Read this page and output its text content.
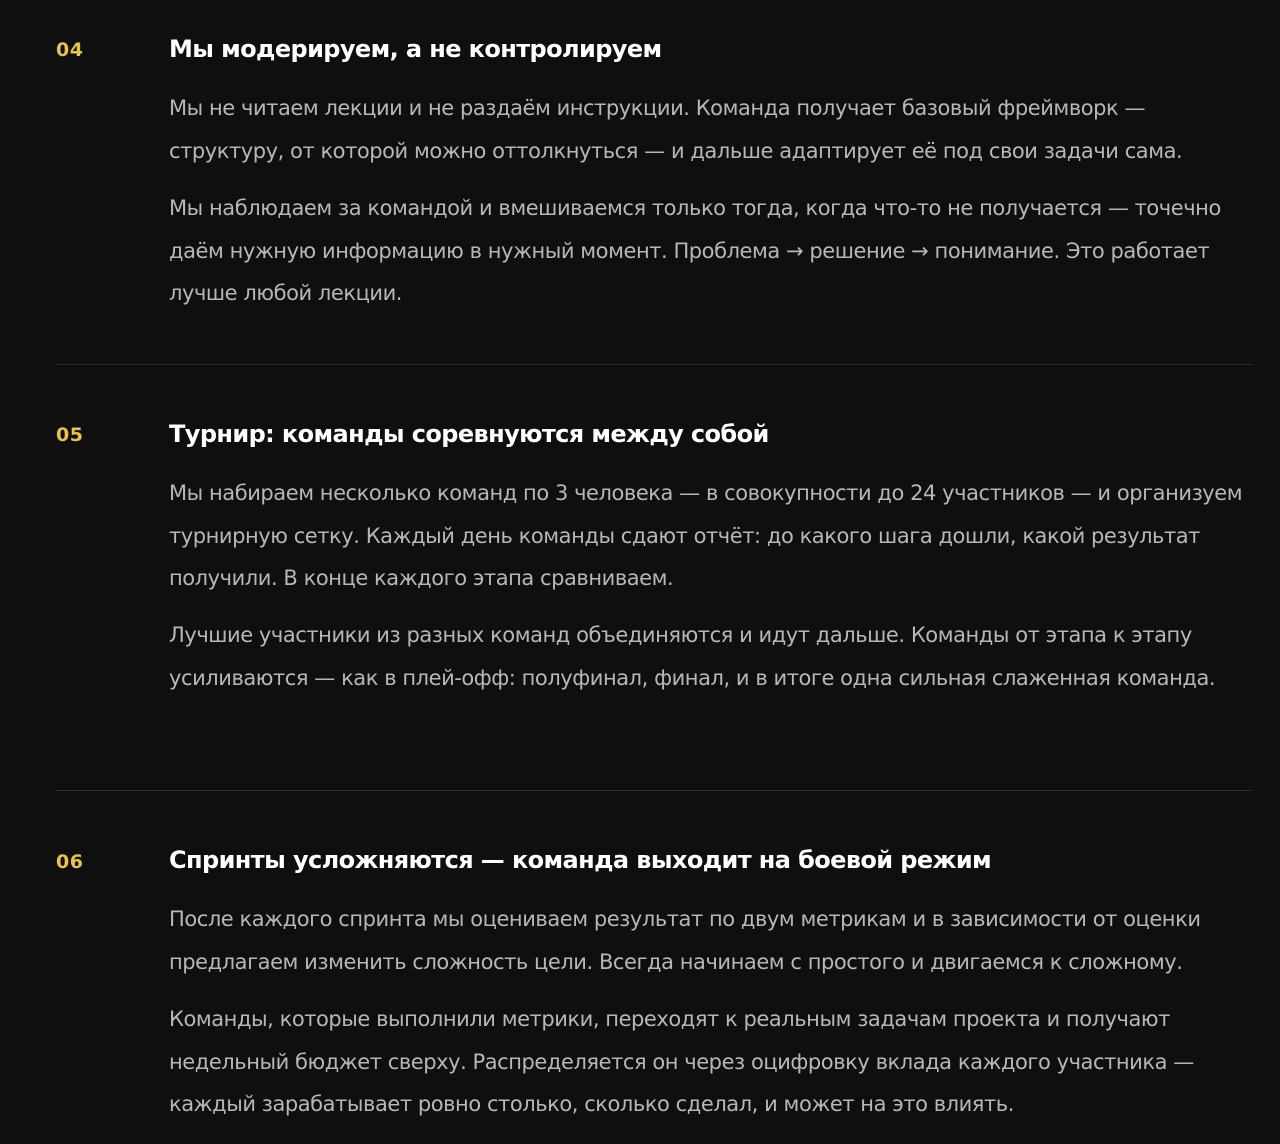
04	Мы модерируем, а не контролируем

Мы не читаем лекции и не раздаём инструкции. Команда получает базовый фреймворк — структуру, от которой можно оттолкнуться — и дальше адаптирует её под свои задачи сама.

Мы наблюдаем за командой и вмешиваемся только тогда, когда что-то не получается — точечно даём нужную информацию в нужный момент. Проблема → решение → понимание. Это работает лучше любой лекции.

05	Турнир: команды соревнуются между собой

Мы набираем несколько команд по 3 человека — в совокупности до 24 участников — и организуем турнирную сетку. Каждый день команды сдают отчёт: до какого шага дошли, какой результат получили. В конце каждого этапа сравниваем.

Лучшие участники из разных команд объединяются и идут дальше. Команды от этапа к этапу усиливаются — как в плей-офф: полуфинал, финал, и в итоге одна сильная слаженная команда.

06	Спринты усложняются — команда выходит на боевой режим

После каждого спринта мы оцениваем результат по двум метрикам и в зависимости от оценки предлагаем изменить сложность цели. Всегда начинаем с простого и двигаемся к сложному.

Команды, которые выполнили метрики, переходят к реальным задачам проекта и получают недельный бюджет сверху. Распределяется он через оцифровку вклада каждого участника — каждый зарабатывает ровно столько, сколько сделал, и может на это влиять.
